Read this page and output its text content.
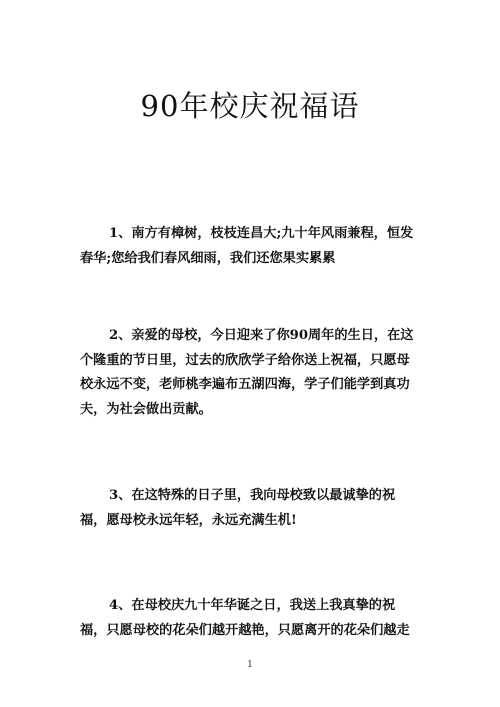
90年校庆祝福语

1、南方有樟树，枝枝连昌大;九十年风雨兼程，恒发春华;您给我们春风细雨，我们还您果实累累

2、亲爱的母校，今日迎来了你90周年的生日，在这个隆重的节日里，过去的欣欣学子给你送上祝福，只愿母校永远不变，老师桃李遍布五湖四海，学子们能学到真功夫，为社会做出贡献。

3、在这特殊的日子里，我向母校致以最诚挚的祝福，愿母校永远年轻，永远充满生机!

4、在母校庆九十年华诞之日，我送上我真挚的祝福，只愿母校的花朵们越开越艳，只愿离开的花朵们越走

1
